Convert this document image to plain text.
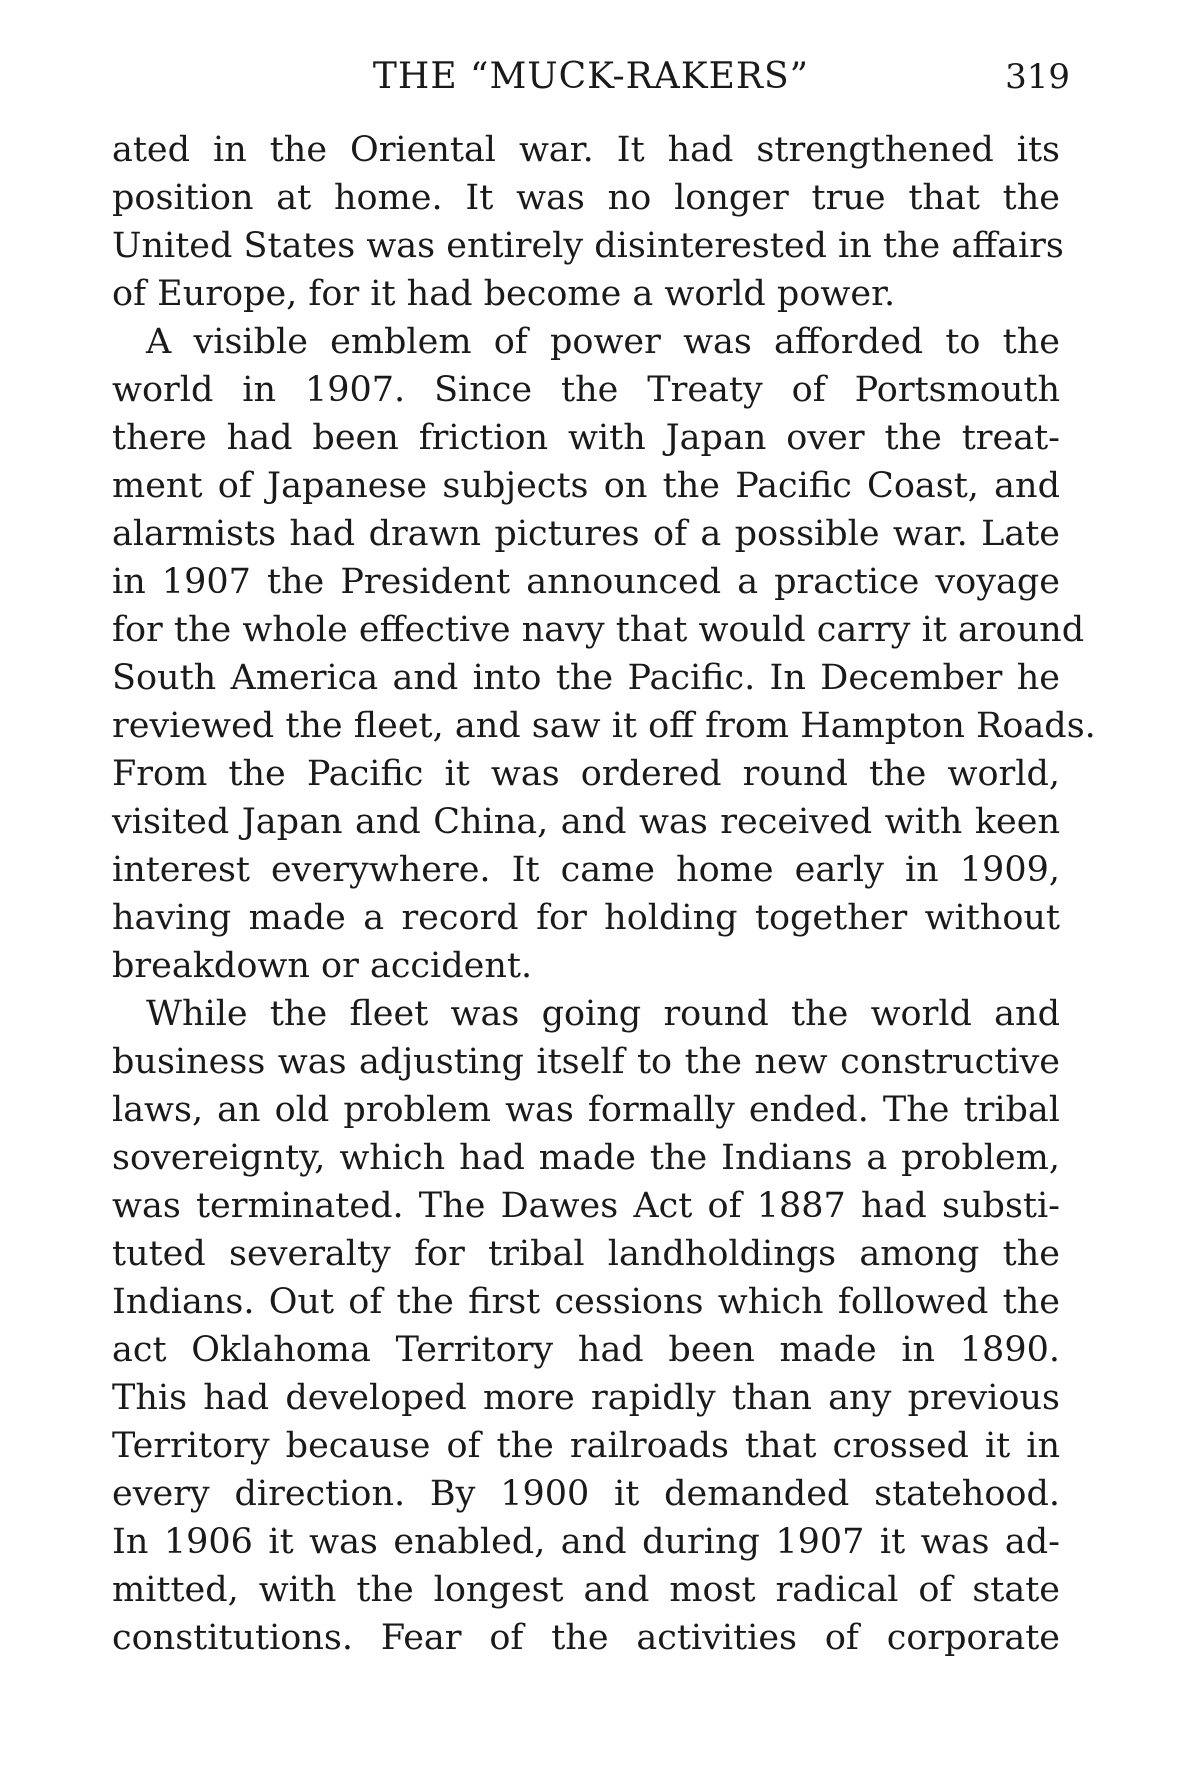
THE “MUCK-RAKERS”	319

ated in the Oriental war. It had strengthened its
position at home. It was no longer true that the
United States was entirely disinterested in the affairs
of Europe, for it had become a world power.

A visible emblem of power was afforded to the
world in 1907. Since the Treaty of Portsmouth
there had been friction with Japan over the treat-
ment of Japanese subjects on the Pacific Coast, and
alarmists had drawn pictures of a possible war. Late
in 1907 the President announced a practice voyage
for the whole effective navy that would carry it around
South America and into the Pacific. In December he
reviewed the fleet, and saw it off from Hampton Roads.
From the Pacific it was ordered round the world,
visited Japan and China, and was received with keen
interest everywhere. It came home early in 1909,
having made a record for holding together without
breakdown or accident.

While the fleet was going round the world and
business was adjusting itself to the new constructive
laws, an old problem was formally ended. The tribal
sovereignty, which had made the Indians a problem,
was terminated. The Dawes Act of 1887 had substi-
tuted severalty for tribal landholdings among the
Indians. Out of the first cessions which followed the
act Oklahoma Territory had been made in 1890.
This had developed more rapidly than any previous
Territory because of the railroads that crossed it in
every direction. By 1900 it demanded statehood.
In 1906 it was enabled, and during 1907 it was ad-
mitted, with the longest and most radical of state
constitutions. Fear of the activities of corporate
